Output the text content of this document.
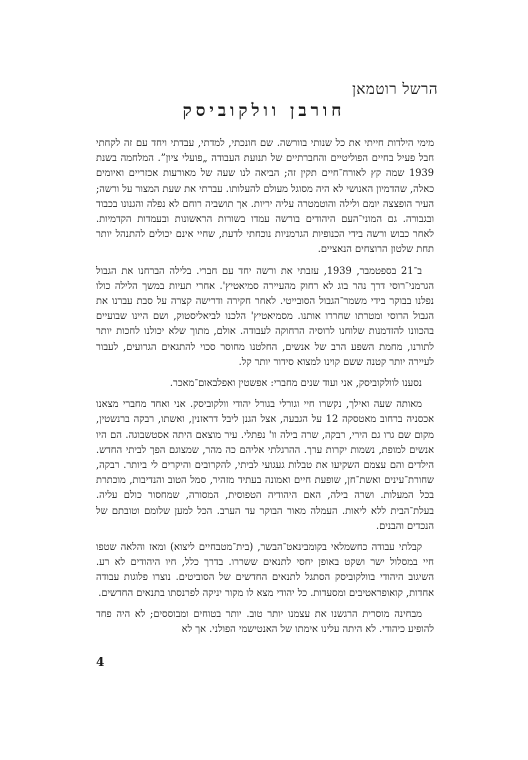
הרשל רוטמאן
חורבן וולקוביסק

מימי הילדות חייתי את כל שנותי בוורשה. שם חונכתי, למדתי, עבדתי ויחד עם זה לקחתי חבל פעיל בחיים הפוליטיים והחברתיים של תנועת העבודה „פועלי ציון”. המלחמה בשנת 1939 שמה קץ לאורח־חיים תקין זה; הביאה לנו שעה של מאורעות אכזריים ואיומים כאלה, שהדמיון האנושי לא היה מסוגל מעולם להעלותו. עברתי את שעת המצור על ורשה; העיר הופצצה יומם ולילה והוטמטרה עליה יריות. אך תושביה רוחם לא נפלה והגנונו בכבוד ובגבורה. גם המוני־העם היהודים בורשה עמדו בשורות הראשונות ובעמדות הקדמיות. לאחר כבוש ורשה בידי הכנופיות הגרמניות נוכחתי לדעת, שחיי אינם יכולים להתנהל יותר תחת שלטון הרוצחים הנאציים.

ב־21 בספטמבר, 1939, עזבתי את ורשה יחד עם חברי. בלילה הברחנו את הגבול הגרמני־רוסי דרך נהר בוג לא רחוק מהעיירה סמיאטיץ'. אחרי תעיות במשך הלילה כולו נפלנו בבוקר בידי משמר־הגבול הסובייטי. לאחר חקירה ודרישה קצרה על סבת עברנו את הגבול הרוסי ומטרתו שחררו אותנו. מסמיאטיץ' הלכנו לביאליסטוק, ושם היינו שבועיים בהכוונו להזדמנות שלוחנו לרוסיה הרחוקה לעבודה. אולם, מתוך שלא יכולנו לחכות יותר לתורנו, מחמת השפע הרב של אנשים, החלטנו מחוסר סכוי להתגאים הגרועים, לעבור לעיירה יותר קטנה ששם קוינו למצוא סידור יותר קל.

נסענו לוולקוביסק, אני ועוד שנים מחברי: אפשטין ואפלבאום־מאכר.

מאותה שעה ואילך, נקשרו חיי וגורלי בגורל יהודי וולקוביסק. אני ואחד מחברי מצאנו אכסניה ברחוב מאטסקה 12 על הגבעה, אצל הגנן ליבל דראזנין, ואשתו, רבקה ברנשטין, מקום שם גרו גם הירי, רבקה, שרה בילה וו' נפתלי. עיר מוצאם היתה אסטשבוגה. הם היו אנשים למופת, נשמות יקרות ערך. ההרגלתי אליהם כה מהר, שמצוגם הפך לביתי החדש. הילדים והם עצמם השקיעו את טבלות געגועי לביתי, להקרובים והיקרים לי ביותר. רבקה, שחורת־עינים ואשת־חן, שופעת חיים ואמונה בעתיד מזהיר, סמל הטוב והנדיבות, מוכתרת בכל המעלות. ושרה בילה, האם היהודיה הטפוסית, המסורה, שמחסור כולם עליה. בעלת־הבית ללא ליאות. העמלה מאור הבוקר עד הערב. הכל למען שלומם וטובתם של הנכדים והבנים.

קבלתי עבודה כחשמלאי בקומבינאט־הבשר, (בית־מטבחיים ליצוא) ומאז והלאה שטפו חיי במסלול ישר ושקט באופן יחסי לתנאים ששררו. בדרך כלל, חיו היהודים לא רע. השיגוב היהודי בוולקוביסק הסתגל לתנאים החדשים של הסוביטים. נוצרו פלוגות עבודה אחדות, קואופראטיבים ומסעדות. כל יהודי מצא לו מקור יניקה לפרנסתו בתנאים החדשים.

מבחינה מוסרית הרגשנו את עצמנו יותר טוב. יותר בטוחים ומבוססים; לא היה פחד להופיע כיהודי. לא היתה עלינו אימתו של האנטישמי הפולני. אך לא

4
